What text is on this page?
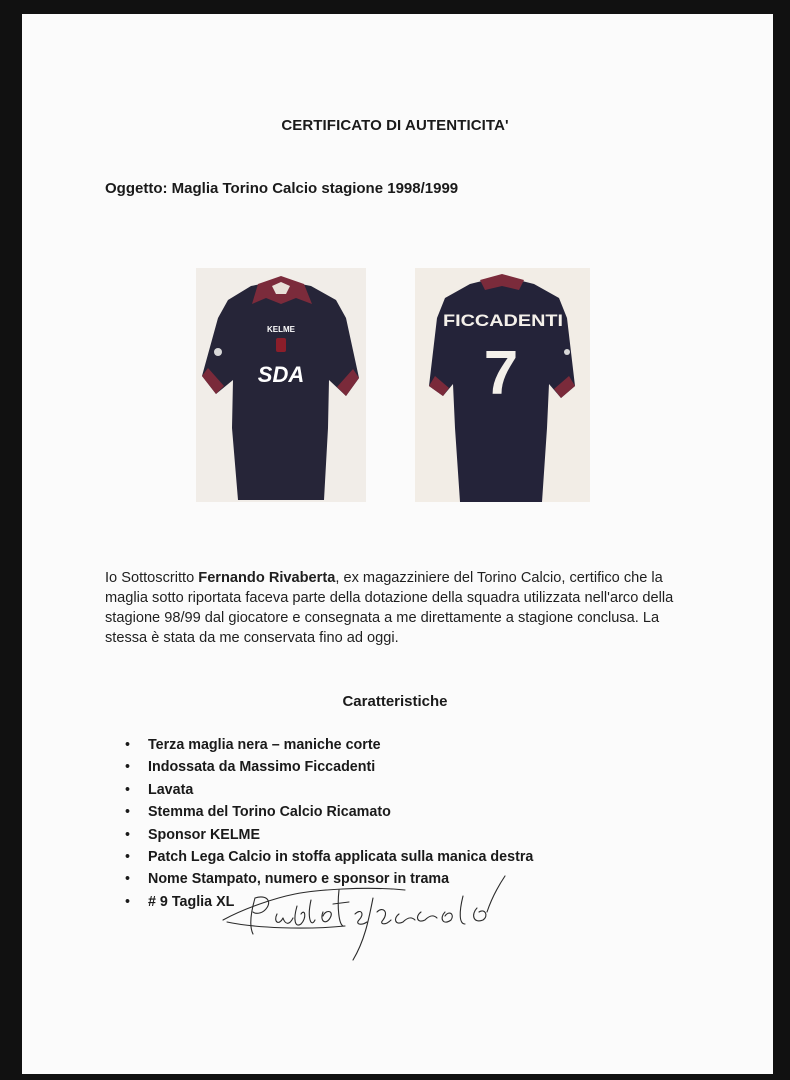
CERTIFICATO DI AUTENTICITA'
Oggetto: Maglia Torino Calcio stagione 1998/1999
KELME
SDA
FICCADENTI
7
Io Sottoscritto Fernando Rivaberta, ex magazziniere del Torino Calcio, certifico che la maglia sotto riportata faceva parte della dotazione della squadra utilizzata nell'arco della stagione 98/99 dal giocatore e consegnata a me direttamente a stagione conclusa. La stessa è stata da me conservata fino ad oggi.
Caratteristiche
• Terza maglia nera – maniche corte
• Indossata da Massimo Ficcadenti
• Lavata
• Stemma del Torino Calcio Ricamato
• Sponsor KELME
• Patch Lega Calcio in stoffa applicata sulla manica destra
• Nome Stampato, numero e sponsor in trama
• # 9 Taglia XL
